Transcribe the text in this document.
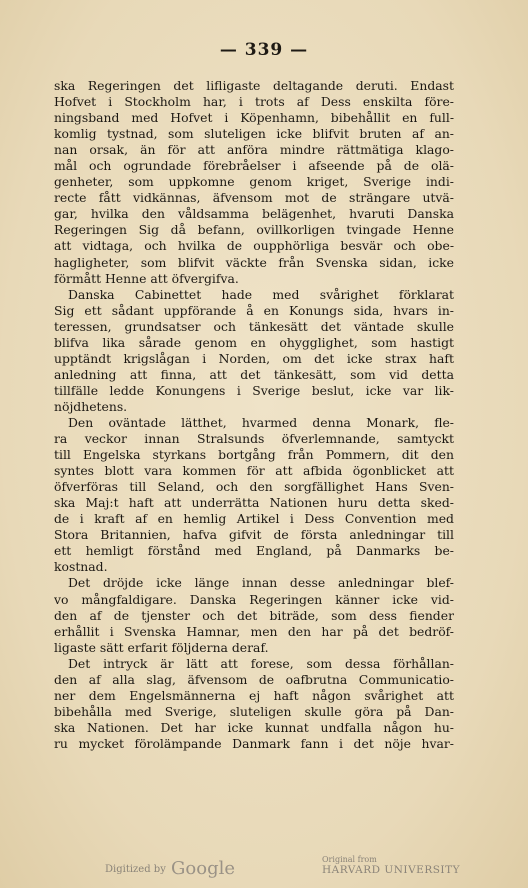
— 339 —
ska Regeringen det lifligaste deltagande deruti. Endast
Hofvet i Stockholm har, i trots af Dess enskilta före-
ningsband med Hofvet i Köpenhamn, bibehållit en full-
komlig tystnad, som sluteligen icke blifvit bruten af an-
nan orsak, än för att anföra mindre rättmätiga klago-
mål och ogrundade förebråelser i afseende på de olä-
genheter, som uppkomne genom kriget, Sverige indi-
recte fått vidkännas, äfvensom mot de strängare utvä-
gar, hvilka den våldsamma belägenhet, hvaruti Danska
Regeringen Sig då befann, ovillkorligen tvingade Henne
att vidtaga, och hvilka de oupphörliga besvär och obe-
hagligheter, som blifvit väckte från Svenska sidan, icke
förmått Henne att öfvergifva.
Danska Cabinettet hade med svårighet förklarat
Sig ett sådant uppförande å en Konungs sida, hvars in-
teressen, grundsatser och tänkesätt det väntade skulle
blifva lika sårade genom en ohygglighet, som hastigt
upptändt krigslågan i Norden, om det icke strax haft
anledning att finna, att det tänkesätt, som vid detta
tillfälle ledde Konungens i Sverige beslut, icke var lik-
nöjdhetens.
Den oväntade lätthet, hvarmed denna Monark, fle-
ra veckor innan Stralsunds öfverlemnande, samtyckt
till Engelska styrkans bortgång från Pommern, dit den
syntes blott vara kommen för att afbida ögonblicket att
öfverföras till Seland, och den sorgfällighet Hans Sven-
ska Maj:t haft att underrätta Nationen huru detta sked-
de i kraft af en hemlig Artikel i Dess Convention med
Stora Britannien, hafva gifvit de första anledningar till
ett hemligt förstånd med England, på Danmarks be-
kostnad.
Det dröjde icke länge innan desse anledningar blef-
vo mångfaldigare. Danska Regeringen känner icke vid-
den af de tjenster och det biträde, som dess fiender
erhållit i Svenska Hamnar, men den har på det bedröf-
ligaste sätt erfarit följderna deraf.
Det intryck är lätt att forese, som dessa förhållan-
den af alla slag, äfvensom de oafbrutna Communicatio-
ner dem Engelsmännerna ej haft någon svårighet att
bibehålla med Sverige, sluteligen skulle göra på Dan-
ska Nationen. Det har icke kunnat undfalla någon hu-
ru mycket förolämpande Danmark fann i det nöje hvar-
Digitized by Google	Original from
HARVARD UNIVERSITY
